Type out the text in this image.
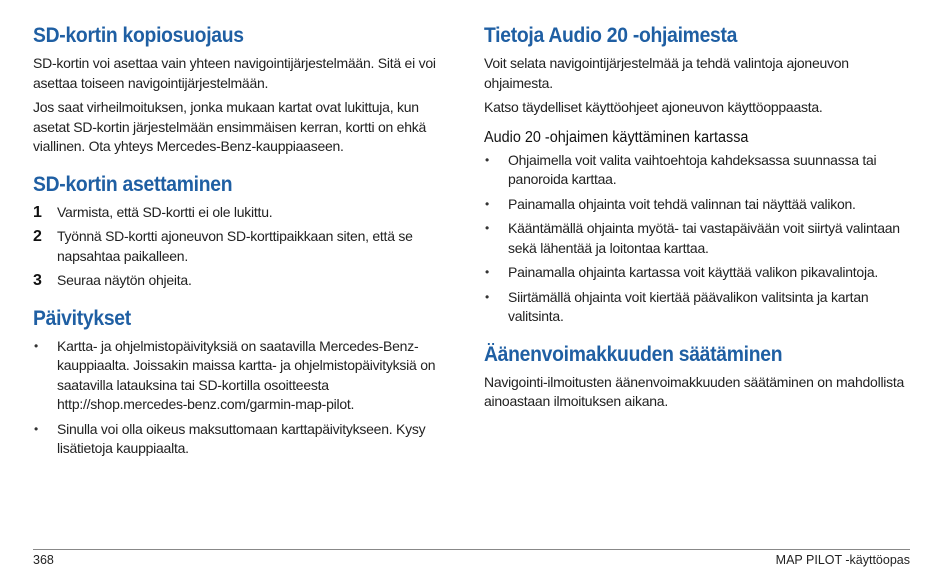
SD-kortin kopiosuojaus

SD-kortin voi asettaa vain yhteen navigointijärjestelmään. Sitä ei voi asettaa toiseen navigointijärjestelmään.

Jos saat virheilmoituksen, jonka mukaan kartat ovat lukittuja, kun asetat SD-kortin järjestelmään ensimmäisen kerran, kortti on ehkä viallinen. Ota yhteys Mercedes-Benz-kauppiaaseen.

SD-kortin asettaminen
1 Varmista, että SD-kortti ei ole lukittu.
2 Työnnä SD-kortti ajoneuvon SD-korttipaikkaan siten, että se napsahtaa paikalleen.
3 Seuraa näytön ohjeita.
Päivitykset
• Kartta- ja ohjelmistopäivityksiä on saatavilla Mercedes-Benz-kauppiaalta. Joissakin maissa kartta- ja ohjelmistopäivityksiä on saatavilla latauksina tai SD-kortilla osoitteesta http://shop.mercedes-benz.com/garmin-map-pilot.
• Sinulla voi olla oikeus maksuttomaan karttapäivitykseen. Kysy lisätietoja kauppiaalta.
Tietoja Audio 20 -ohjaimesta

Voit selata navigointijärjestelmää ja tehdä valintoja ajoneuvon ohjaimesta.

Katso täydelliset käyttöohjeet ajoneuvon käyttöoppaasta.

Audio 20 -ohjaimen käyttäminen kartassa
• Ohjaimella voit valita vaihtoehtoja kahdeksassa suunnassa tai panoroida karttaa.
• Painamalla ohjainta voit tehdä valinnan tai näyttää valikon.
• Kääntämällä ohjainta myötä- tai vastapäivään voit siirtyä valintaan sekä lähentää ja loitontaa karttaa.
• Painamalla ohjainta kartassa voit käyttää valikon pikavalintoja.
• Siirtämällä ohjainta voit kiertää päävalikon valitsinta ja kartan valitsinta.
Äänenvoimakkuuden säätäminen

Navigointi-ilmoitusten äänenvoimakkuuden säätäminen on mahdollista ainoastaan ilmoituksen aikana.

368	MAP PILOT -käyttöopas
